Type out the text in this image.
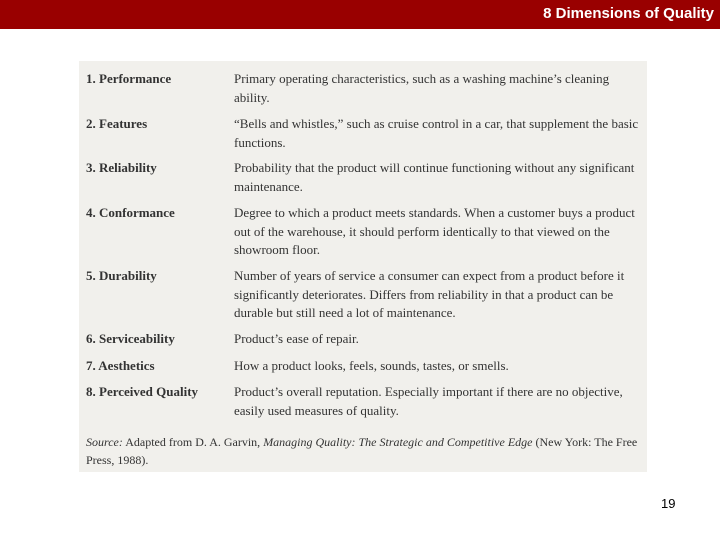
8 Dimensions of Quality
1. Performance	Primary operating characteristics, such as a washing machine’s cleaning ability.
2. Features	“Bells and whistles,” such as cruise control in a car, that supplement the basic functions.
3. Reliability	Probability that the product will continue functioning without any significant maintenance.
4. Conformance	Degree to which a product meets standards. When a customer buys a product out of the warehouse, it should perform identically to that viewed on the showroom floor.
5. Durability	Number of years of service a consumer can expect from a product before it significantly deteriorates. Differs from reliability in that a product can be durable but still need a lot of maintenance.
6. Serviceability	Product’s ease of repair.
7. Aesthetics	How a product looks, feels, sounds, tastes, or smells.
8. Perceived Quality	Product’s overall reputation. Especially important if there are no objective, easily used measures of quality.
Source: Adapted from D. A. Garvin, Managing Quality: The Strategic and Competitive Edge (New York: The Free Press, 1988).
19
